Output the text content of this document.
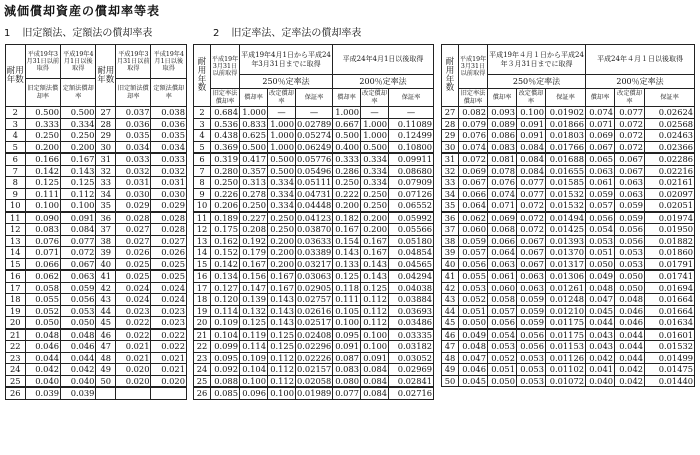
減価償却資産の償却率等表
1 旧定額法、定額法の償却率表	2 旧定率法、定率法の償却率表
耐用年数	平成19年3月31日以前取得	平成19年4月1日以後取得	耐用年数	平成19年3月31日以前取得	平成19年4月1日以後取得
	旧定額法償却率	定額法償却率		旧定額法償却率	定額法償却率
2	0.500	0.500	27	0.037	0.038
3	0.333	0.334	28	0.036	0.036
4	0.250	0.250	29	0.035	0.035
5	0.200	0.200	30	0.034	0.034
6	0.166	0.167	31	0.033	0.033
7	0.142	0.143	32	0.032	0.032
8	0.125	0.125	33	0.031	0.031
9	0.111	0.112	34	0.030	0.030
10	0.100	0.100	35	0.029	0.029
11	0.090	0.091	36	0.028	0.028
12	0.083	0.084	37	0.027	0.028
13	0.076	0.077	38	0.027	0.027
14	0.071	0.072	39	0.026	0.026
15	0.066	0.067	40	0.025	0.025
16	0.062	0.063	41	0.025	0.025
17	0.058	0.059	42	0.024	0.024
18	0.055	0.056	43	0.024	0.024
19	0.052	0.053	44	0.023	0.023
20	0.050	0.050	45	0.022	0.023
21	0.048	0.048	46	0.022	0.022
22	0.046	0.046	47	0.021	0.022
23	0.044	0.044	48	0.021	0.021
24	0.042	0.042	49	0.020	0.021
25	0.040	0.040	50	0.020	0.020
26	0.039	0.039			
耐用年数	平成19年3月31日以前取得	平成19年4月1日から平成24年3月31日までに取得			平成24年4月1日以後取得		
		250％定率法			200％定率法		
	旧定率法償却率	償却率	改定償却率	保証率	償却率	改定償却率	保証率
2	0.684	1.000	—	—	1.000	—	—
3	0.536	0.833	1.000	0.02789	0.667	1.000	0.11089
4	0.438	0.625	1.000	0.05274	0.500	1.000	0.12499
5	0.369	0.500	1.000	0.06249	0.400	0.500	0.10800
6	0.319	0.417	0.500	0.05776	0.333	0.334	0.09911
7	0.280	0.357	0.500	0.05496	0.286	0.334	0.08680
8	0.250	0.313	0.334	0.05111	0.250	0.334	0.07909
9	0.226	0.278	0.334	0.04731	0.222	0.250	0.07126
10	0.206	0.250	0.334	0.04448	0.200	0.250	0.06552
11	0.189	0.227	0.250	0.04123	0.182	0.200	0.05992
12	0.175	0.208	0.250	0.03870	0.167	0.200	0.05566
13	0.162	0.192	0.200	0.03633	0.154	0.167	0.05180
14	0.152	0.179	0.200	0.03389	0.143	0.167	0.04854
15	0.142	0.167	0.200	0.03217	0.133	0.143	0.04565
16	0.134	0.156	0.167	0.03063	0.125	0.143	0.04294
17	0.127	0.147	0.167	0.02905	0.118	0.125	0.04038
18	0.120	0.139	0.143	0.02757	0.111	0.112	0.03884
19	0.114	0.132	0.143	0.02616	0.105	0.112	0.03693
20	0.109	0.125	0.143	0.02517	0.100	0.112	0.03486
21	0.104	0.119	0.125	0.02408	0.095	0.100	0.03335
22	0.099	0.114	0.125	0.02296	0.091	0.100	0.03182
23	0.095	0.109	0.112	0.02226	0.087	0.091	0.03052
24	0.092	0.104	0.112	0.02157	0.083	0.084	0.02969
25	0.088	0.100	0.112	0.02058	0.080	0.084	0.02841
26	0.085	0.096	0.100	0.01989	0.077	0.084	0.02716
耐用年数	平成19年3月31日以前取得	平成19年４月１日から平成24年３月31日までに取得			平成24年４月１日以後取得		
		250％定率法			200％定率法		
	旧定率法償却率	償却率	改定償却率	保証率	償却率	改定償却率	保証率
27	0.082	0.093	0.100	0.01902	0.074	0.077	0.02624
28	0.079	0.089	0.091	0.01866	0.071	0.072	0.02568
29	0.076	0.086	0.091	0.01803	0.069	0.072	0.02463
30	0.074	0.083	0.084	0.01766	0.067	0.072	0.02366
31	0.072	0.081	0.084	0.01688	0.065	0.067	0.02286
32	0.069	0.078	0.084	0.01655	0.063	0.067	0.02216
33	0.067	0.076	0.077	0.01585	0.061	0.063	0.02161
34	0.066	0.074	0.077	0.01532	0.059	0.063	0.02097
35	0.064	0.071	0.072	0.01532	0.057	0.059	0.02051
36	0.062	0.069	0.072	0.01494	0.056	0.059	0.01974
37	0.060	0.068	0.072	0.01425	0.054	0.056	0.01950
38	0.059	0.066	0.067	0.01393	0.053	0.056	0.01882
39	0.057	0.064	0.067	0.01370	0.051	0.053	0.01860
40	0.056	0.063	0.067	0.01317	0.050	0.053	0.01791
41	0.055	0.061	0.063	0.01306	0.049	0.050	0.01741
42	0.053	0.060	0.063	0.01261	0.048	0.050	0.01694
43	0.052	0.058	0.059	0.01248	0.047	0.048	0.01664
44	0.051	0.057	0.059	0.01210	0.045	0.046	0.01664
45	0.050	0.056	0.059	0.01175	0.044	0.046	0.01634
46	0.049	0.054	0.056	0.01175	0.043	0.044	0.01601
47	0.048	0.053	0.056	0.01153	0.043	0.044	0.01532
48	0.047	0.052	0.053	0.01126	0.042	0.044	0.01499
49	0.046	0.051	0.053	0.01102	0.041	0.042	0.01475
50	0.045	0.050	0.053	0.01072	0.040	0.042	0.01440
